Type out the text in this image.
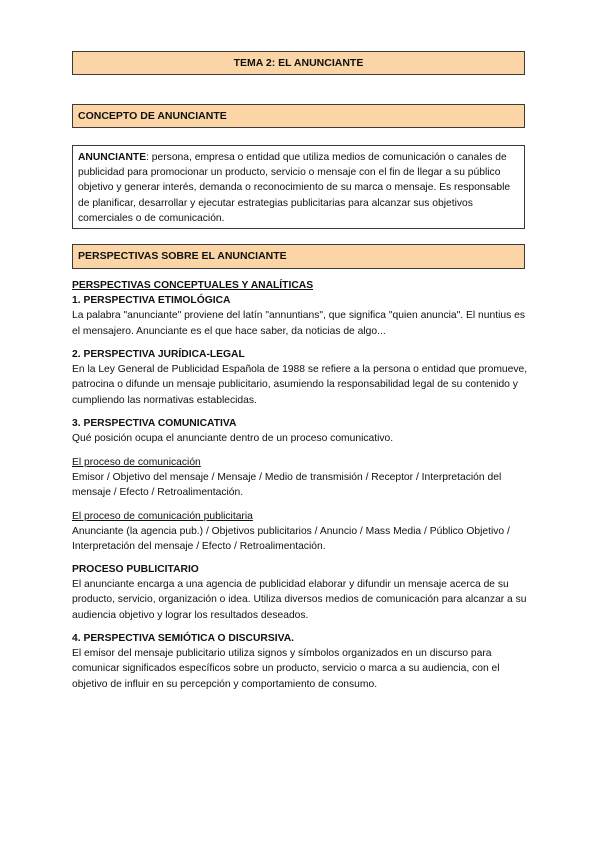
TEMA 2: EL ANUNCIANTE
CONCEPTO DE ANUNCIANTE
ANUNCIANTE: persona, empresa o entidad que utiliza medios de comunicación o canales de publicidad para promocionar un producto, servicio o mensaje con el fin de llegar a su público objetivo y generar interés, demanda o reconocimiento de su marca o mensaje. Es responsable de planificar, desarrollar y ejecutar estrategias publicitarias para alcanzar sus objetivos comerciales o de comunicación.
PERSPECTIVAS SOBRE EL ANUNCIANTE

PERSPECTIVAS CONCEPTUALES Y ANALÍTICAS

1. PERSPECTIVA ETIMOLÓGICA

La palabra "anunciante" proviene del latín "annuntians", que significa "quien anuncia". El nuntius es el mensajero. Anunciante es el que hace saber, da noticias de algo...

2. PERSPECTIVA JURÍDICA-LEGAL

En la Ley General de Publicidad Española de 1988 se refiere a la persona o entidad que promueve, patrocina o difunde un mensaje publicitario, asumiendo la responsabilidad legal de su contenido y cumpliendo las normativas establecidas.

3. PERSPECTIVA COMUNICATIVA

Qué posición ocupa el anunciante dentro de un proceso comunicativo.

El proceso de comunicación

Emisor / Objetivo del mensaje / Mensaje / Medio de transmisión / Receptor / Interpretación del mensaje / Efecto / Retroalimentación.

El proceso de comunicación publicitaria

Anunciante (la agencia pub.) / Objetivos publicitarios / Anuncio / Mass Media / Público Objetivo / Interpretación del mensaje / Efecto / Retroalimentación.

PROCESO PUBLICITARIO

El anunciante encarga a una agencia de publicidad elaborar y difundir un mensaje acerca de su producto, servicio, organización o idea. Utiliza diversos medios de comunicación para alcanzar a su audiencia objetivo y lograr los resultados deseados.

4. PERSPECTIVA SEMIÓTICA O DISCURSIVA.

El emisor del mensaje publicitario utiliza signos y símbolos organizados en un discurso para comunicar significados específicos sobre un producto, servicio o marca a su audiencia, con el objetivo de influir en su percepción y comportamiento de consumo.
